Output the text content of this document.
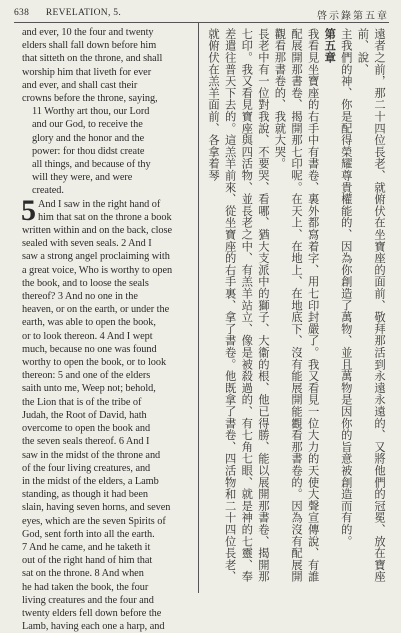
638 REVELATION, 5.	啓示錄第五章

and ever, 10 the four and twenty

elders shall fall down before him

that sitteth on the throne, and shall

worship him that liveth for ever

and ever, and shall cast their

crowns before the throne, saying,

11 Worthy art thou, our Lord

and our God, to receive the

glory and the honor and the

power: for thou didst create

all things, and because of thy

will they were, and were

created.

5 And I saw in the right hand of

him that sat on the throne a book

written within and on the back, close

sealed with seven seals. 2 And I

saw a strong angel proclaiming with

a great voice, Who is worthy to open

the book, and to loose the seals

thereof? 3 And no one in the

heaven, or on the earth, or under the

earth, was able to open the book,

or to look thereon. 4 And I wept

much, because no one was found

worthy to open the book, or to look

thereon: 5 and one of the elders

saith unto me, Weep not; behold,

the Lion that is of the tribe of

Judah, the Root of David, hath

overcome to open the book and

the seven seals thereof. 6 And I

saw in the midst of the throne and

of the four living creatures, and

in the midst of the elders, a Lamb

standing, as though it had been

slain, having seven horns, and seven

eyes, which are the seven Spirits of

God, sent forth into all the earth.

7 And he came, and he taketh it

out of the right hand of him that

sat on the throne. 8 And when

he had taken the book, the four

living creatures and the four and

twenty elders fell down before the

Lamb, having each one a harp, and

遠者之前，那二十四位長老、就俯伏在坐寶座的面前、敬拜那活到永遠永遠的、又將他們的冠冕、放在寶座前、說、

主我們的神、你是配得榮耀尊貴權能的、因為你創造了萬物、並且萬物是因你的旨意被創造而有的。

第五章

我看見坐寶座的右手中有書卷、裏外都寫着字、用七印封嚴了。我又看見一位大力的天使大聲宣傳說、有誰配展開那書卷、揭開那七印呢。在天上、在地上、在地底下、沒有能展開能觀看那書卷的。因為沒有配展開觀看那書卷的、我就大哭。

長老中有一位對我說、不要哭、看哪、猶大支派中的獅子、大衞的根、他已得勝、能以展開那書卷、揭開那七印。我又看見寶座與四活物、並長老之中、有羔羊站立、像是被殺過的、有七角七眼、就是神的七靈、奉差遣往普天下去的。這羔羊前來、從坐寶座的右手裏、拿了書卷。他既拿了書卷、四活物和二十四位長老、就俯伏在羔羊面前、各拿着琴
